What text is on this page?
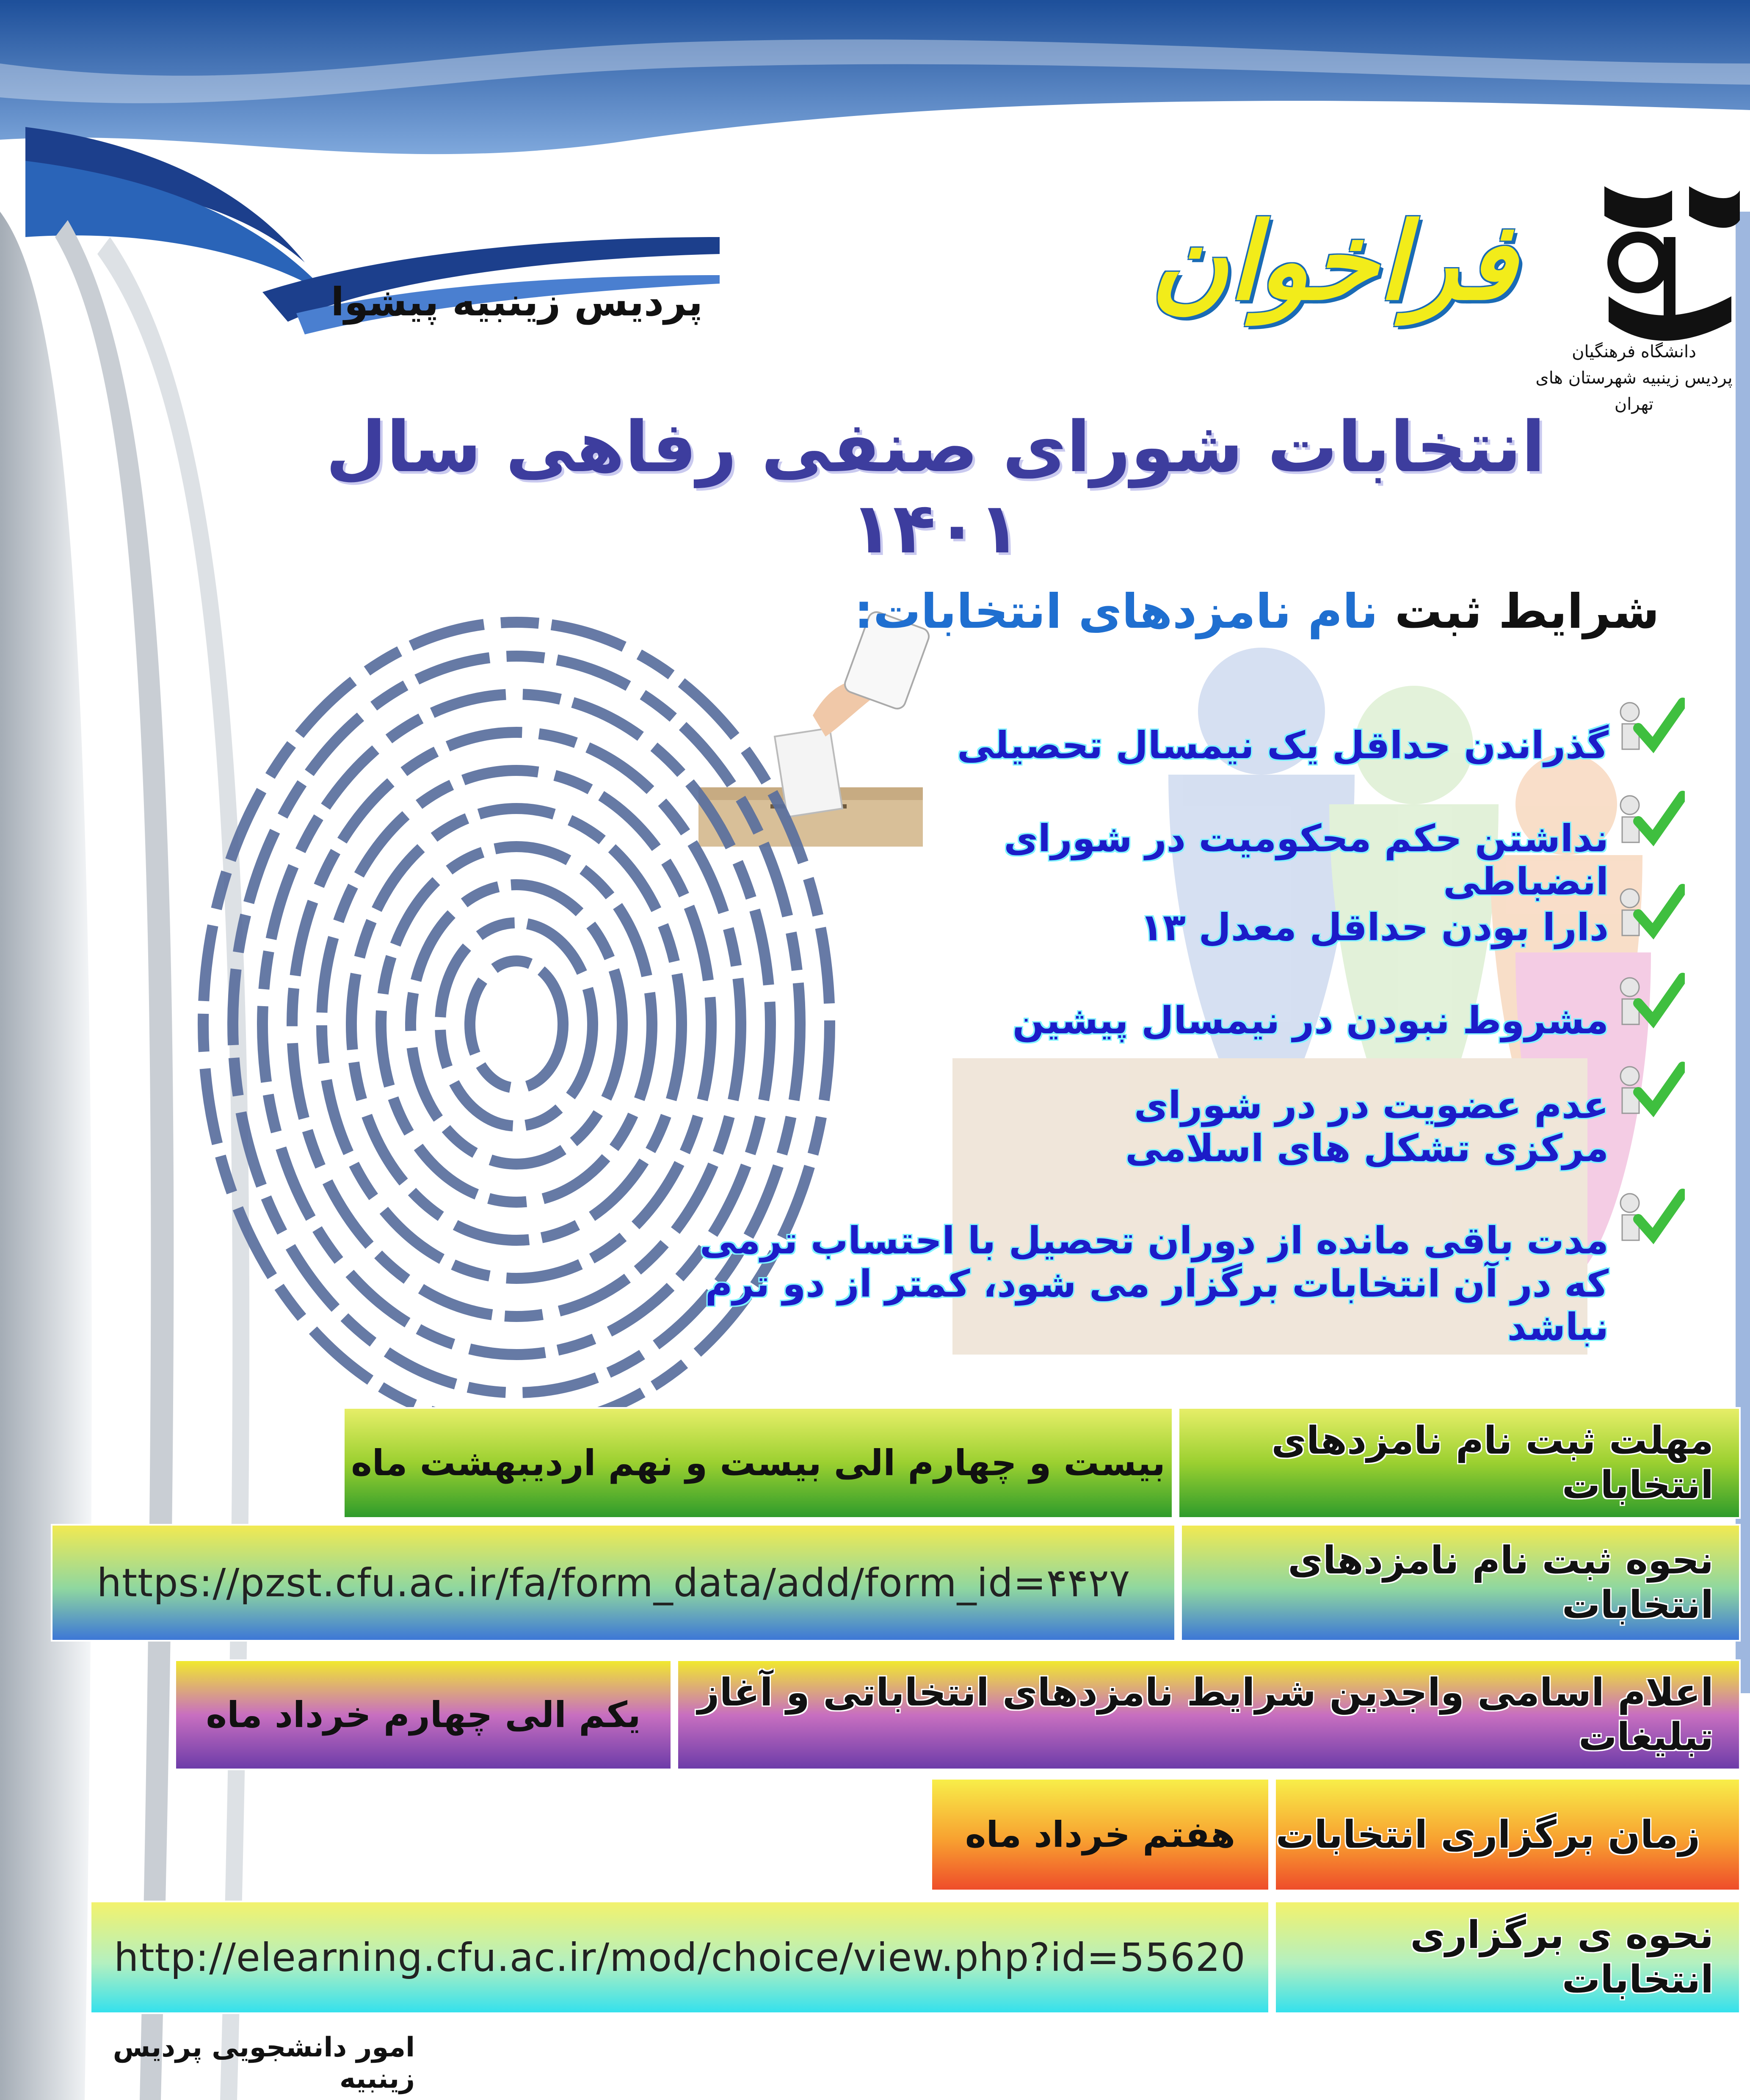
پردیس زینبیه پیشوا	فراخوان
دانشگاه فرهنگیان
پردیس زینبیه شهرستان های تهران
انتخابات شورای صنفی رفاهی سال ۱۴۰۱
شرایط ثبت نام نامزدهای انتخابات:
گذراندن حداقل یک نیمسال تحصیلی
نداشتن حکم محکومیت در شورای انضباطی
دارا بودن حداقل معدل ۱۳
مشروط نبودن در نیمسال پیشین
عدم عضویت در در شورای مرکزی تشکل های اسلامی
مدت باقی مانده از دوران تحصیل با احتساب ترمی که در آن انتخابات برگزار می شود، کمتر از دو ترم نباشد
مهلت ثبت نام نامزدهای انتخابات
بیست و چهارم الی بیست و نهم اردیبهشت ماه
نحوه ثبت نام نامزدهای انتخابات
https://pzst.cfu.ac.ir/fa/form_data/add/form_id=۴۴۲۷
اعلام اسامی واجدین شرایط نامزدهای انتخاباتی و آغاز تبلیغات
یکم الی چهارم خرداد ماه
زمان برگزاری انتخابات
هفتم خرداد ماه
نحوه ی برگزاری انتخابات
http://elearning.cfu.ac.ir/mod/choice/view.php?id=55620
امور دانشجویی پردیس زینبیه
